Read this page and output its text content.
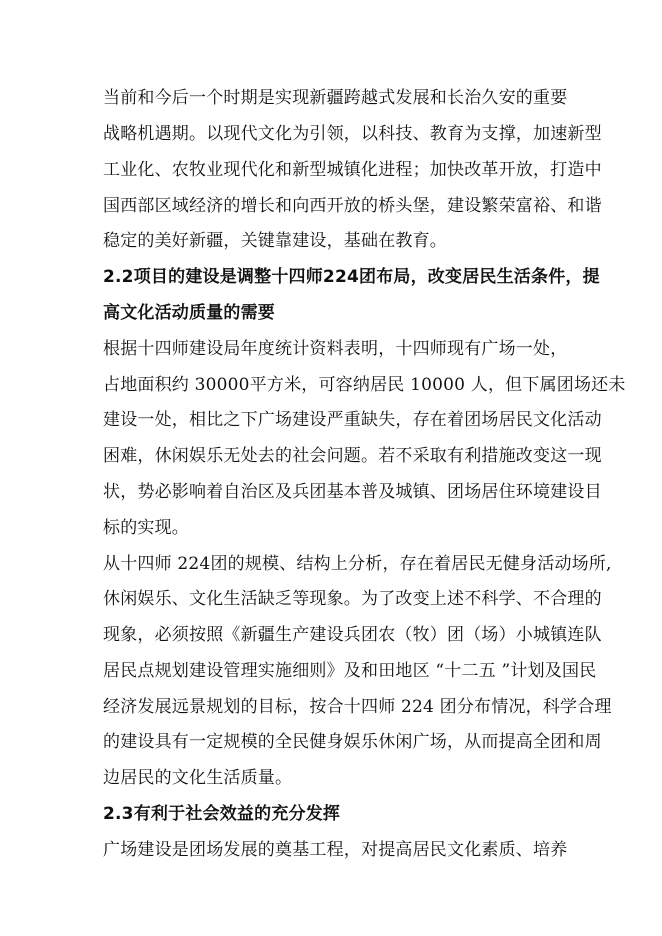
当前和今后一个时期是实现新疆跨越式发展和长治久安的重要
战略机遇期。以现代文化为引领，以科技、教育为支撑，加速新型
工业化、农牧业现代化和新型城镇化进程；加快改革开放，打造中
国西部区域经济的增长和向西开放的桥头堡，建设繁荣富裕、和谐
稳定的美好新疆，关键靠建设，基础在教育。
2.2项目的建设是调整十四师224团布局，改变居民生活条件，提
高文化活动质量的需要
根据十四师建设局年度统计资料表明，十四师现有广场一处，
占地面积约 30000平方米，可容纳居民 10000 人，但下属团场还未
建设一处，相比之下广场建设严重缺失，存在着团场居民文化活动
困难，休闲娱乐无处去的社会问题。若不采取有利措施改变这一现
状，势必影响着自治区及兵团基本普及城镇、团场居住环境建设目
标的实现。
从十四师 224团的规模、结构上分析，存在着居民无健身活动场所,
休闲娱乐、文化生活缺乏等现象。为了改变上述不科学、不合理的
现象，必须按照《新疆生产建设兵团农（牧）团（场）小城镇连队
居民点规划建设管理实施细则》及和田地区 “十二五 ”计划及国民
经济发展远景规划的目标，按合十四师 224 团分布情况，科学合理
的建设具有一定规模的全民健身娱乐休闲广场，从而提高全团和周
边居民的文化生活质量。
2.3有利于社会效益的充分发挥
广场建设是团场发展的奠基工程，对提高居民文化素质、培养
